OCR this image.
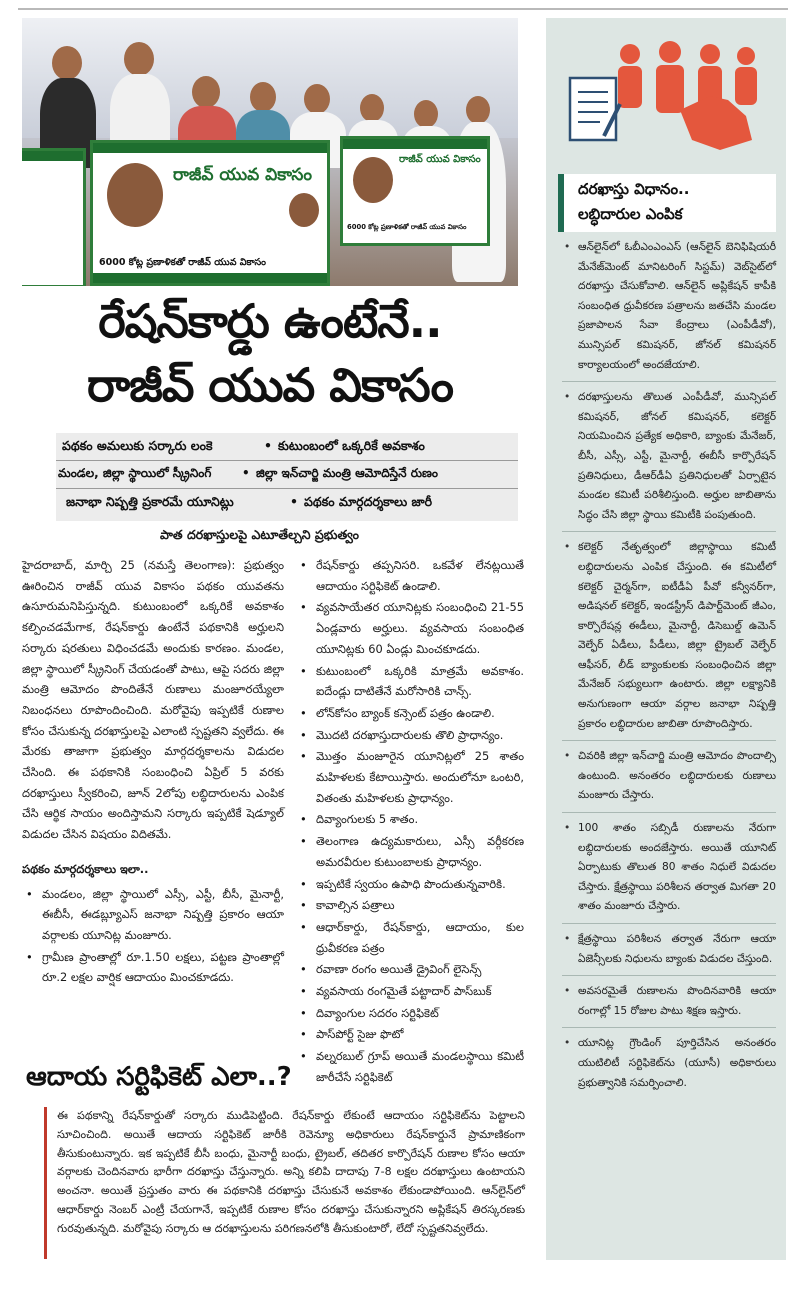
రాజీవ్ యువ వికాసం
6000 కోట్ల ప్రణాళికతో రాజీవ్ యువ వికాసం
రాజీవ్ యువ వికాసం
6000 కోట్ల ప్రణాళికతో రాజీవ్ యువ వికాసం
రేషన్‌కార్డు ఉంటేనే..
రాజీవ్ యువ వికాసం
పథకం అమలుకు సర్కారు లంకె	• కుటుంబంలో ఒక్కరికే అవకాశం
మండల, జిల్లా స్థాయిలో స్క్రీనింగ్	• జిల్లా ఇన్‌చార్జి మంత్రి ఆమోదిస్తేనే రుణం
జనాభా నిష్పత్తి ప్రకారమే యూనిట్లు	• పథకం మార్గదర్శకాలు జారీ
పాత దరఖాస్తులపై ఎటూతేల్చని ప్రభుత్వం

హైదరాబాద్, మార్చి 25 (నమస్తే తెలంగాణ): ప్రభుత్వం ఊరించిన రాజీవ్ యువ వికాసం పథకం యువతను ఉసూరుమనిపిస్తున్నది. కుటుంబంలో ఒక్కరికే అవకాశం కల్పించడమేగాక, రేషన్‌కార్డు ఉంటేనే పథకానికి అర్హులని సర్కారు షరతులు విధించడమే అందుకు కారణం. మండల, జిల్లా స్థాయిలో స్క్రీనింగ్ చేయడంతో పాటు, ఆపై సదరు జిల్లా మంత్రి ఆమోదం పొందితేనే రుణాలు మంజూరయ్యేలా నిబంధనలు రూపొందించింది. మరోవైపు ఇప్పటికే రుణాల కోసం చేసుకున్న దరఖాస్తులపై ఎలాంటి స్పష్టతని వ్వలేదు. ఈ మేరకు తాజాగా ప్రభుత్వం మార్గదర్శకాలను విడుదల చేసింది. ఈ పథకానికి సంబంధించి ఏప్రిల్ 5 వరకు దరఖాస్తులు స్వీకరించి, జూన్ 2లోపు లబ్ధిదారులను ఎంపిక చేసి ఆర్థిక సాయం అందిస్తామని సర్కారు ఇప్పటికే షెడ్యూల్ విడుదల చేసిన విషయం విదితమే.

పథకం మార్గదర్శకాలు ఇలా..
• మండలం, జిల్లా స్థాయిలో ఎస్సీ, ఎస్టీ, బీసీ, మైనార్టీ, ఈబీసీ, ఈడబ్ల్యూఎస్ జనాభా నిష్పత్తి ప్రకారం ఆయా వర్గాలకు యూనిట్ల మంజూరు.
• గ్రామీణ ప్రాంతాల్లో రూ.1.50 లక్షలు, పట్టణ ప్రాంతాల్లో రూ.2 లక్షల వార్షిక ఆదాయం మించకూడదు.
• రేషన్‌కార్డు తప్పనిసరి. ఒకవేళ లేనట్లయితే ఆదాయం సర్టిఫికెట్ ఉండాలి.
• వ్యవసాయేతర యూనిట్లకు సంబంధించి 21-55 ఏండ్లవారు అర్హులు. వ్యవసాయ సంబంధిత యూనిట్లకు 60 ఏండ్లు మించకూడదు.
• కుటుంబంలో ఒక్కరికి మాత్రమే అవకాశం. ఐదేండ్లు దాటితేనే మరోసారికి చాన్స్.
• లోన్‌కోసం బ్యాంక్ కన్సెంట్ పత్రం ఉండాలి.
• మొదటి దరఖాస్తుదారులకు తొలి ప్రాధాన్యం.
• మొత్తం మంజూరైన యూనిట్లలో 25 శాతం మహిళలకు కేటాయిస్తారు. అందులోనూ ఒంటరి, వితంతు మహిళలకు ప్రాధాన్యం.
• దివ్యాంగులకు 5 శాతం.
• తెలంగాణ ఉద్యమకారులు, ఎస్సీ వర్గీకరణ అమరవీరుల కుటుంబాలకు ప్రాధాన్యం.
• ఇప్పటికే స్వయం ఉపాధి పొందుతున్నవారికి.
• కావాల్సిన పత్రాలు
• ఆధార్‌కార్డు, రేషన్‌కార్డు, ఆదాయం, కుల ధ్రువీకరణ పత్రం
• రవాణా రంగం అయితే డ్రైవింగ్ లైసెన్స్
• వ్యవసాయ రంగమైతే పట్టాదార్ పాస్‌బుక్
• దివ్యాంగుల సదరం సర్టిఫికెట్
• పాస్‌పోర్ట్ సైజు ఫొటో
• వల్నరబుల్ గ్రూప్ అయితే మండలస్థాయి కమిటీ జారీచేసే సర్టిఫికెట్
ఆదాయ సర్టిఫికెట్ ఎలా..?

ఈ పథకాన్ని రేషన్‌కార్డుతో సర్కారు ముడిపెట్టింది. రేషన్‌కార్డు లేకుంటే ఆదాయం సర్టిఫికెట్‌ను పెట్టాలని సూచించింది. అయితే ఆదాయ సర్టిఫికెట్ జారీకి రెవెన్యూ అధికారులు రేషన్‌కార్డునే ప్రామాణికంగా తీసుకుంటున్నారు. ఇక ఇప్పటికే బీసీ బంధు, మైనార్టీ బంధు, ట్రైబల్, తదితర కార్పొరేషన్ రుణాల కోసం ఆయా వర్గాలకు చెందినవారు భారీగా దరఖాస్తు చేస్తున్నారు. అన్ని కలిపి దాదాపు 7-8 లక్షల దరఖాస్తులు ఉంటాయని అంచనా. అయితే ప్రస్తుతం వారు ఈ పథకానికి దరఖాస్తు చేసుకునే అవకాశం లేకుండాపోయింది. ఆన్‌లైన్‌లో ఆధార్‌కార్డు నెంబర్ ఎంట్రీ చేయగానే, ఇప్పటికే రుణాల కోసం దరఖాస్తు చేసుకున్నారని అప్లికేషన్ తిరస్కరణకు గురవుతున్నది. మరోవైపు సర్కారు ఆ దరఖాస్తులను పరిగణనలోకి తీసుకుంటారో, లేదో స్పష్టతనివ్వలేదు.

దరఖాస్తు విధానం..
లబ్ధిదారుల ఎంపిక
• ఆన్‌లైన్‌లో ఓబీఎంఎంఎస్ (ఆన్‌లైన్ బెనిఫిషియరీ మేనేజ్‌మెంట్ మానిటరింగ్ సిస్టమ్) వెబ్‌సైట్‌లో దరఖాస్తు చేసుకోవాలి. ఆన్‌లైన్ అప్లికేషన్ కాపీకి సంబంధిత ధ్రువీకరణ పత్రాలను జతచేసి మండల ప్రజాపాలన సేవా కేంద్రాలు (ఎంపీడీవో), మున్సిపల్ కమిషనర్, జోనల్ కమిషనర్ కార్యాలయంలో అందజేయాలి.
• దరఖాస్తులను తొలుత ఎంపీడీవో, మున్సిపల్ కమిషనర్, జోనల్ కమిషనర్, కలెక్టర్ నియమించిన ప్రత్యేక అధికారి, బ్యాంకు మేనేజర్, బీసీ, ఎస్సీ, ఎస్టీ, మైనార్టీ, ఈబీసీ కార్పొరేషన్ ప్రతినిధులు, డీఆర్‌డీఏ ప్రతినిధులతో ఏర్పాటైన మండల కమిటీ పరిశీలిస్తుంది. అర్హుల జాబితాను సిద్ధం చేసి జిల్లా స్థాయి కమిటీకి పంపుతుంది.
• కలెక్టర్ నేతృత్వంలో జిల్లాస్థాయి కమిటీ లబ్ధిదారులను ఎంపిక చేస్తుంది. ఈ కమిటీలో కలెక్టర్ చైర్మన్‌గా, ఐటీడీఏ పీవో కన్వీనర్‌గా, అడిషనల్ కలెక్టర్, ఇండస్ట్రీస్ డిపార్ట్‌మెంట్ జీఎం, కార్పొరేషన్ల ఈడీలు, మైనార్టీ, డిసెబుల్డ్ ఉమెన్ వెల్ఫేర్ ఏడీలు, పీడీలు, జిల్లా ట్రైబల్ వెల్ఫేర్ ఆఫీసర్, లీడ్ బ్యాంకులకు సంబంధించిన జిల్లా మేనేజర్ సభ్యులుగా ఉంటారు. జిల్లా లక్ష్యానికి అనుగుణంగా ఆయా వర్గాల జనాభా నిష్పత్తి ప్రకారం లబ్ధిదారుల జాబితా రూపొందిస్తారు.
• చివరికి జిల్లా ఇన్‌చార్జి మంత్రి ఆమోదం పొందాల్సి ఉంటుంది. అనంతరం లబ్ధిదారులకు రుణాలు మంజూరు చేస్తారు.
• 100 శాతం సబ్సిడీ రుణాలను నేరుగా లబ్ధిదారులకు అందజేస్తారు. అయితే యూనిట్ ఏర్పాటుకు తొలుత 80 శాతం నిధులే విడుదల చేస్తారు. క్షేత్రస్థాయి పరిశీలన తర్వాత మిగతా 20 శాతం మంజూరు చేస్తారు.
• క్షేత్రస్థాయి పరిశీలన తర్వాత నేరుగా ఆయా ఏజెన్సీలకు నిధులను బ్యాంకు విడుదల చేస్తుంది.
• అవసరమైతే రుణాలను పొందినవారికి ఆయా రంగాల్లో 15 రోజుల పాటు శిక్షణ ఇస్తారు.
• యూనిట్ల గ్రౌండింగ్ పూర్తిచేసిన అనంతరం యుటిలిటీ సర్టిఫికెట్‌ను (యూసీ) అధికారులు ప్రభుత్వానికి సమర్పించాలి.
